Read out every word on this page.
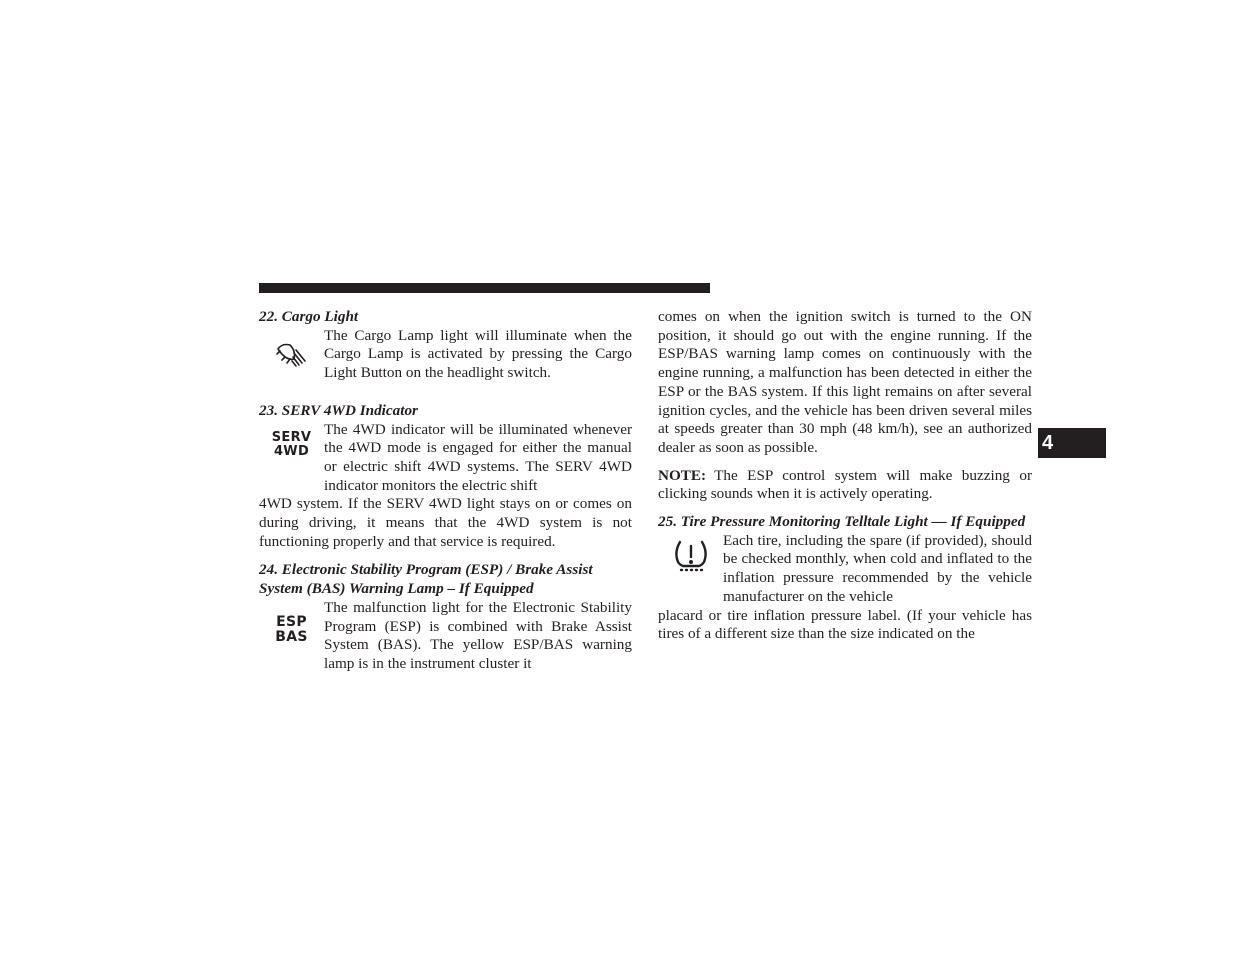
22. Cargo Light

The Cargo Lamp light will illuminate when the Cargo Lamp is activated by pressing the Cargo Light Button on the headlight switch.

23. SERV 4WD Indicator

SERV
4WD

The 4WD indicator will be illuminated whenever the 4WD mode is engaged for either the manual or electric shift 4WD systems. The SERV 4WD indicator monitors the electric shift

4WD system. If the SERV 4WD light stays on or comes on during driving, it means that the 4WD system is not functioning properly and that service is required.

24. Electronic Stability Program (ESP) / Brake Assist System (BAS) Warning Lamp – If Equipped

ESP
BAS

The malfunction light for the Electronic Stability Program (ESP) is combined with Brake Assist System (BAS). The yellow ESP/BAS warning lamp is in the instrument cluster it

comes on when the ignition switch is turned to the ON position, it should go out with the engine running. If the ESP/BAS warning lamp comes on continuously with the engine running, a malfunction has been detected in either the ESP or the BAS system. If this light remains on after several ignition cycles, and the vehicle has been driven several miles at speeds greater than 30 mph (48 km/h), see an authorized dealer as soon as possible.

NOTE: The ESP control system will make buzzing or clicking sounds when it is actively operating.

25. Tire Pressure Monitoring Telltale Light — If Equipped

Each tire, including the spare (if provided), should be checked monthly, when cold and inflated to the inflation pressure recommended by the vehicle manufacturer on the vehicle

placard or tire inflation pressure label. (If your vehicle has tires of a different size than the size indicated on the

4
